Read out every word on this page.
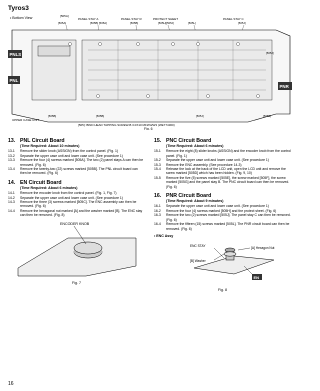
Tyros3
• Bottom View	[505A]
PANEL STAY A	PANEL STAY R	PROTECT SHEET	PANEL STAY C
[505A]	[505B] [505A]	[505B]	[505H][505J]	[505L]	[505J]
PNLS
PNL
PNR
UPPER CASE UNIT
[505B]	[505B]	[505J]	[505E]
[505J]
[505]: BIND HEAD TAPPING SCREW-B 3.0X10 MFZN2W3 (WE774300)
Fig. 6
13. PNL Circuit Board
(Time Required: About 10 minutes)
13-1	Remove the slider knob (ASSIGN) from the control panel. (Fig. 1)
13-2	Separate the upper case unit and lower case unit. (See procedure 1)
13-3	Remove the four (4) screws marked [505A]. The two (2) panel stays A can then be removed. (Fig. 6)
13-4	Remove the twenty-two (22) screws marked [505B]. The PNL circuit board can then be removed. (Fig. 6)
14. EN Circuit Board
(Time Required: About 6 minutes)
14-1	Remove the encoder knob from the control panel. (Fig. 1, Fig. 7)
14-2	Separate the upper case unit and lower case unit. (See procedure 1)
14-3	Remove the three (3) screws marked [505C]. The ENC assembly can then be removed. (Fig. 6)
14-4	Remove the hexagonal nut marked [A] and the washer marked [B]. The ENC stay can then be removed. (Fig. 8)
ENCODER KNOB
Fig. 7
15. PNC Circuit Board
(Time Required: About 6 minutes)
15-1	Remove the eight (8) slider knobs (ASSIGN) and the encoder knob from the control panel. (Fig. 1)
15-2	Separate the upper case unit and lower case unit. (See procedure 1)
15-3	Remove the ENC assembly. (See procedure 14-3)
15-4	Release the lock at the back of the LCD unit, open the LCD unit and remove the screw marked [505D] which has been hidden. (Fig. 9, 10)
15-5	Remove the five (5) screws marked [505E], the screw marked [505F], the screw marked [505G] and the panel stay B. The PNC circuit board can then be removed. (Fig. 6)
16. PNR Circuit Board
(Time Required: About 9 minutes)
16-1	Separate the upper case unit and lower case unit. (See procedure 1)
16-2	Remove the four (4) screws marked [505H] and the protect sheet. (Fig. 6)
16-3	Remove the two (2) screws marked [505J]. The panel stay C can then be removed. (Fig. 6)
16-4	Remove the fifteen (15) screws marked [505L]. The PNR circuit board can then be removed. (Fig. 6)
• ENC Assy
ENC STAY	[A] Hexagon Nut
[B] Washer
EN
Fig. 8
16
